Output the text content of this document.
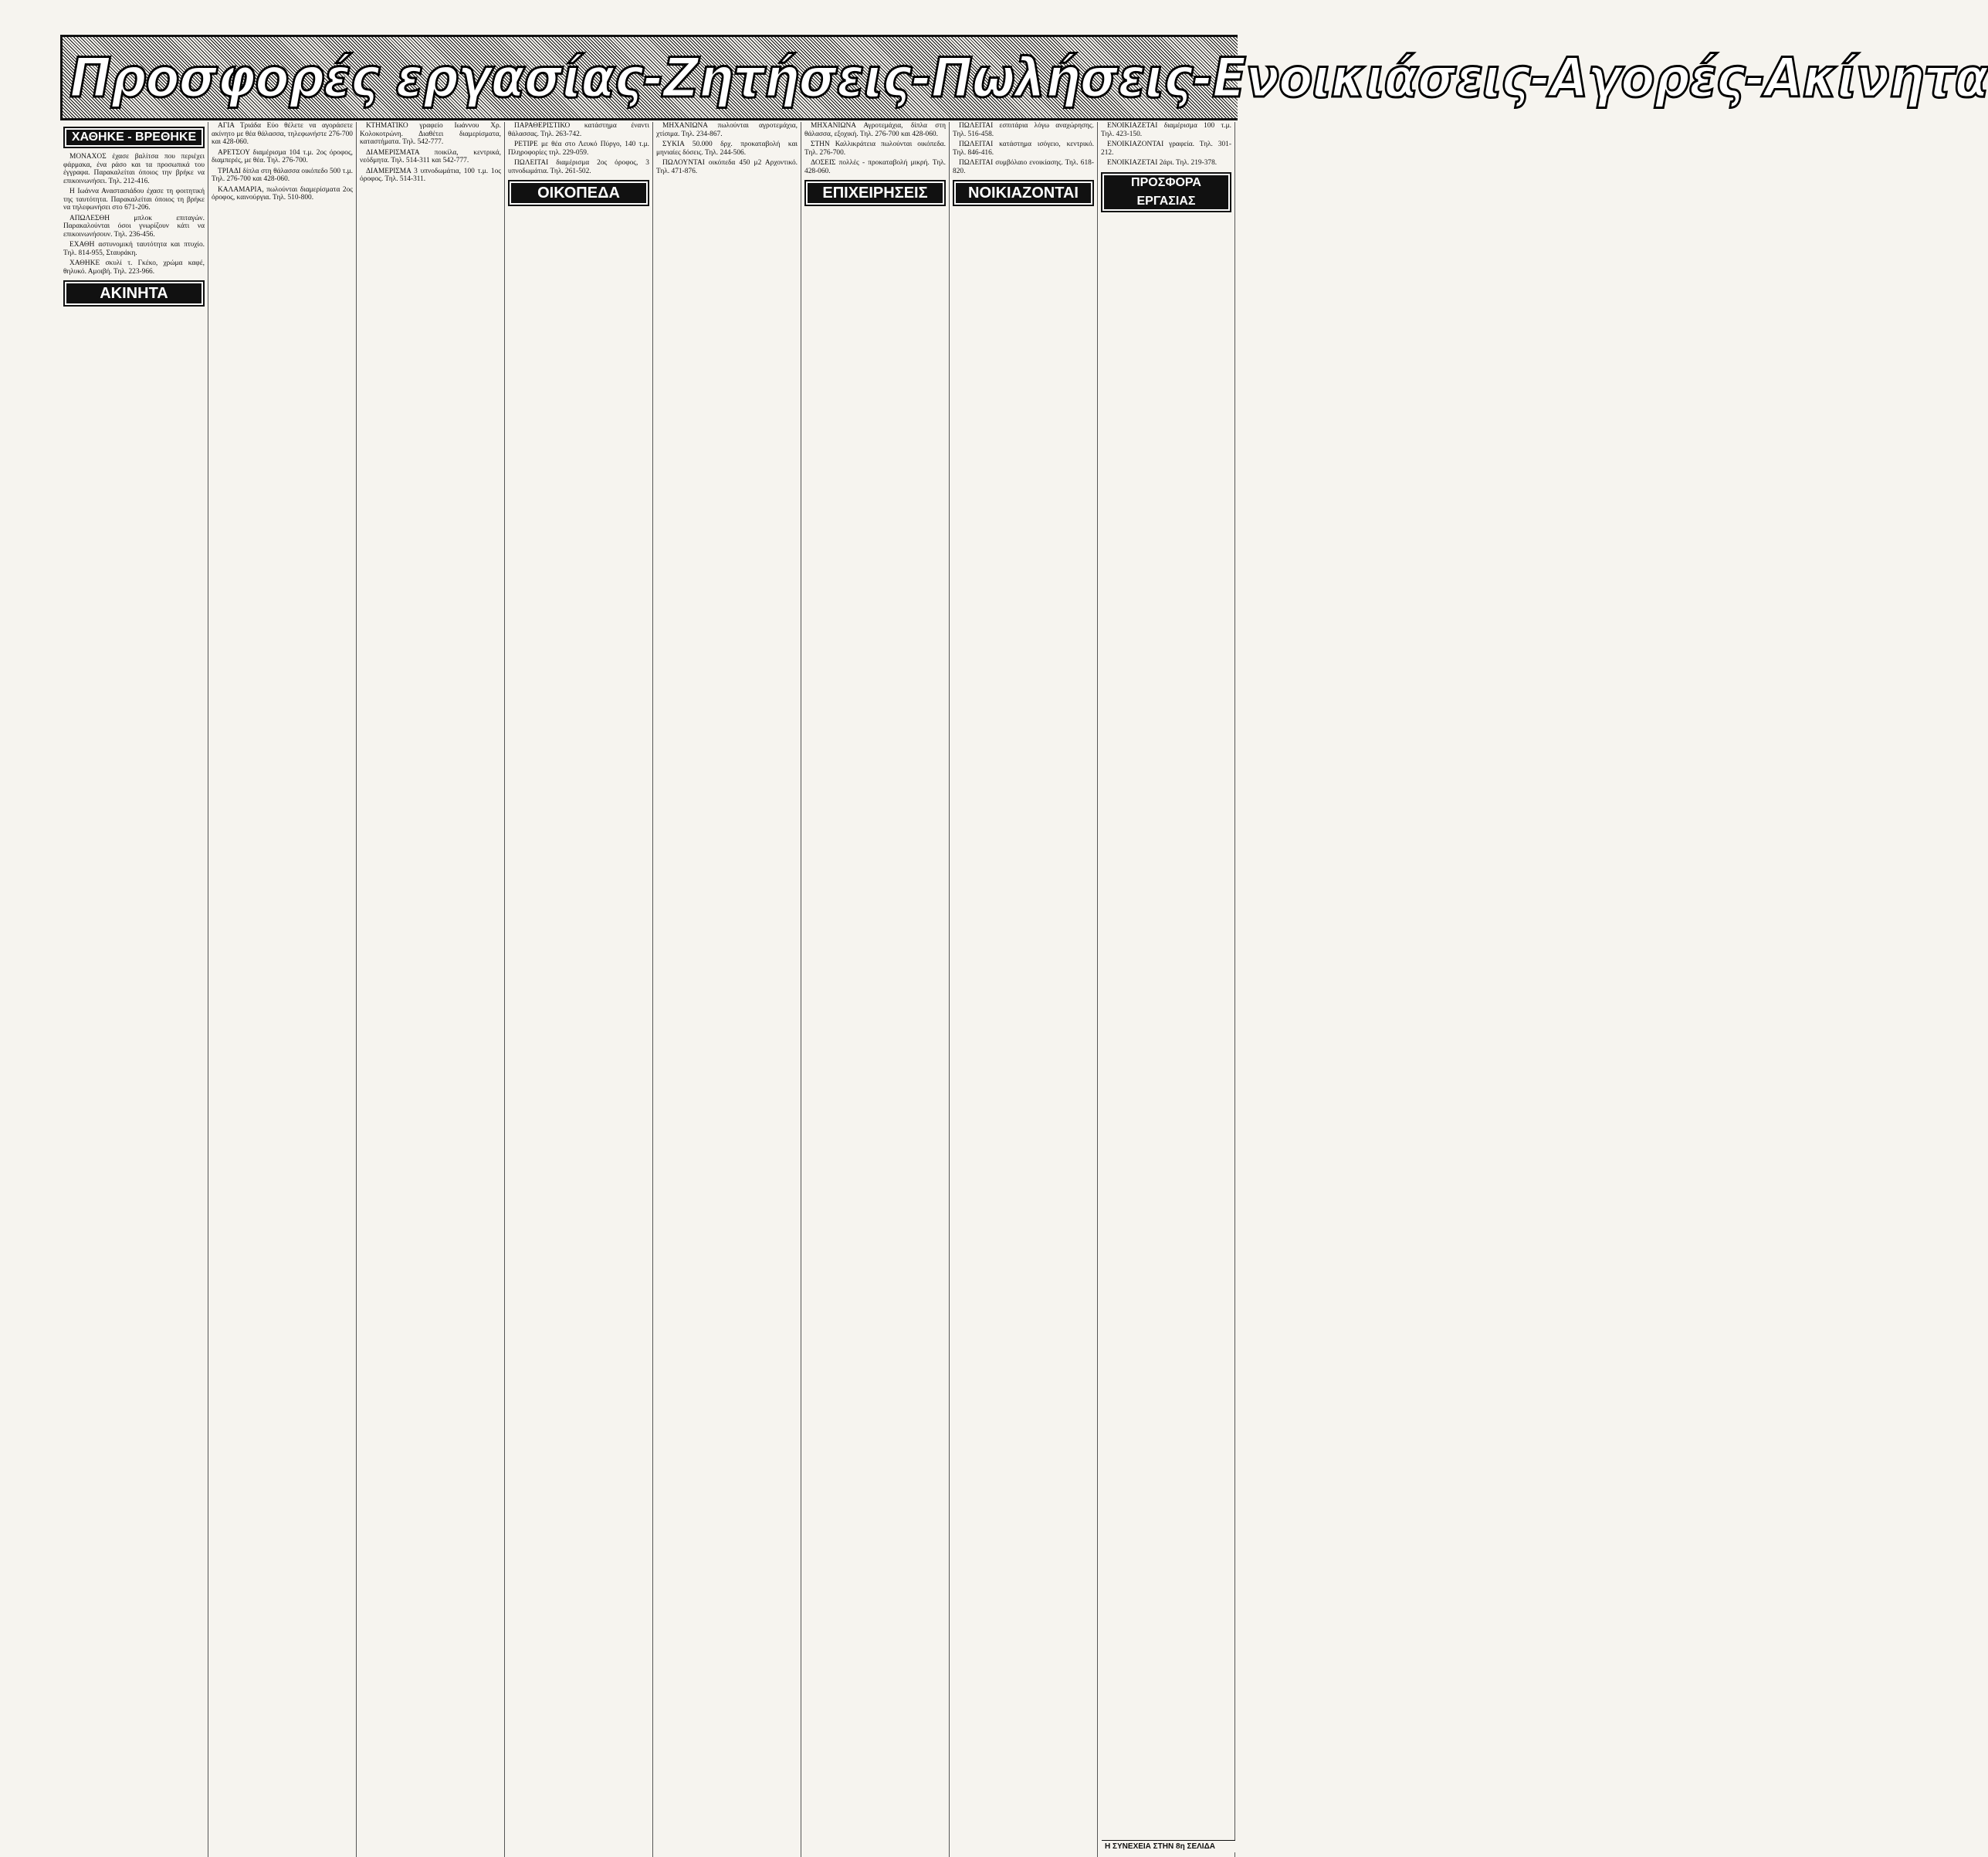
Προσφορές εργασίας-Ζητήσεις-Πωλήσεις-Ενοικιάσεις-Αγορές-Ακίνητα
ΧΑΘΗΚΕ - ΒΡΕΘΗΚΕ

ΜΟΝΑΧΟΣ έχασε βαλίτσα που περιέχει φάρμακα, ένα ράσο και τα προσωπικά του έγγραφα. Παρακαλείται όποιος την βρήκε να επικοινωνήσει. Τηλ. 212-416.

Η Ιωάννα Αναστασιάδου έχασε τη φοιτητική της ταυτότητα. Παρακαλείται όποιος τη βρήκε να τηλεφωνήσει στο 671-206.

ΑΠΩΛΕΣΘΗ μπλοκ επιταγών. Παρακαλούνται όσοι γνωρίζουν κάτι να επικοινωνήσουν. Τηλ. 236-456.

ΕΧΑΘΗ αστυνομική ταυτότητα και πτυχίο. Τηλ. 814-955, Σταυράκη.

ΧΑΘΗΚΕ σκυλί τ. Γκέκο, χρώμα καφέ, θηλυκό. Αμοιβή. Τηλ. 223-966.

ΑΚΙΝΗΤΑ

ΑΓΙΑ Τριάδα Εύο θέλετε να αγοράσετε ακίνητο με θέα θάλασσα, τηλεφωνήστε 276-700 και 428-060.

ΑΡΕΤΣΟΥ διαμέρισμα 104 τ.μ. 2ος όροφος, διαμπερές, με θέα. Τηλ. 276-700.

ΤΡΙΑΔΙ δίπλα στη θάλασσα οικόπεδο 500 τ.μ. Τηλ. 276-700 και 428-060.

ΚΑΛΑΜΑΡΙΑ, πωλούνται διαμερίσματα 2ος όροφος, καινούργια. Τηλ. 510-800.

ΚΤΗΜΑΤΙΚΟ γραφείο Ιωάννου Χρ. Κολοκοτρώνη. Διαθέτει διαμερίσματα, καταστήματα. Τηλ. 542-777.

ΔΙΑΜΕΡΙΣΜΑΤΑ ποικίλα, κεντρικά, νεόδμητα. Τηλ. 514-311 και 542-777.

ΔΙΑΜΕΡΙΣΜΑ 3 υπνοδωμάτια, 100 τ.μ. 1ος όροφος. Τηλ. 514-311.

ΠΑΡΑΘΕΡΙΣΤΙΚΟ κατάστημα έναντι θάλασσας. Τηλ. 263-742.

ΡΕΤΙΡΕ με θέα στο Λευκό Πύργο, 140 τ.μ. Πληροφορίες τηλ. 229-059.

ΠΩΛΕΙΤΑΙ διαμέρισμα 2ος όροφος, 3 υπνοδωμάτια. Τηλ. 261-502.

ΟΙΚΟΠΕΔΑ

ΜΗΧΑΝΙΩΝΑ πωλούνται αγροτεμάχια, χτίσιμα. Τηλ. 234-867.

ΣΥΚΙΑ 50.000 δρχ. προκαταβολή και μηνιαίες δόσεις. Τηλ. 244-506.

ΠΩΛΟΥΝΤΑΙ οικόπεδα 450 μ2 Αρχοντικό. Τηλ. 471-876.

ΜΗΧΑΝΙΩΝΑ Αγροτεμάχια, δίπλα στη θάλασσα, εξοχική. Τηλ. 276-700 και 428-060.

ΣΤΗΝ Καλλικράτεια πωλούνται οικόπεδα. Τηλ. 276-700.

ΔΟΣΕΙΣ πολλές - προκαταβολή μικρή. Τηλ. 428-060.

ΕΠΙΧΕΙΡΗΣΕΙΣ

ΠΩΛΕΙΤΑΙ εσπιτάρια λόγω αναχώρησης. Τηλ. 516-458.

ΠΩΛΕΙΤΑΙ κατάστημα ισόγειο, κεντρικό. Τηλ. 846-416.

ΠΩΛΕΙΤΑΙ συμβόλαιο ενοικίασης. Τηλ. 618-820.

ΝΟΙΚΙΑΖΟΝΤΑΙ

ΕΝΟΙΚΙΑΖΕΤΑΙ διαμέρισμα 100 τ.μ. Τηλ. 423-150.

ΕΝΟΙΚΙΑΖΟΝΤΑΙ γραφεία. Τηλ. 301-212.

ΕΝΟΙΚΙΑΖΕΤΑΙ 2άρι. Τηλ. 219-378.

ΠΡΟΣΦΟΡΑ ΕΡΓΑΣΙΑΣ
Η ΣΥΝΕΧΕΙΑ ΣΤΗΝ 8η ΣΕΛΙΔΑ
